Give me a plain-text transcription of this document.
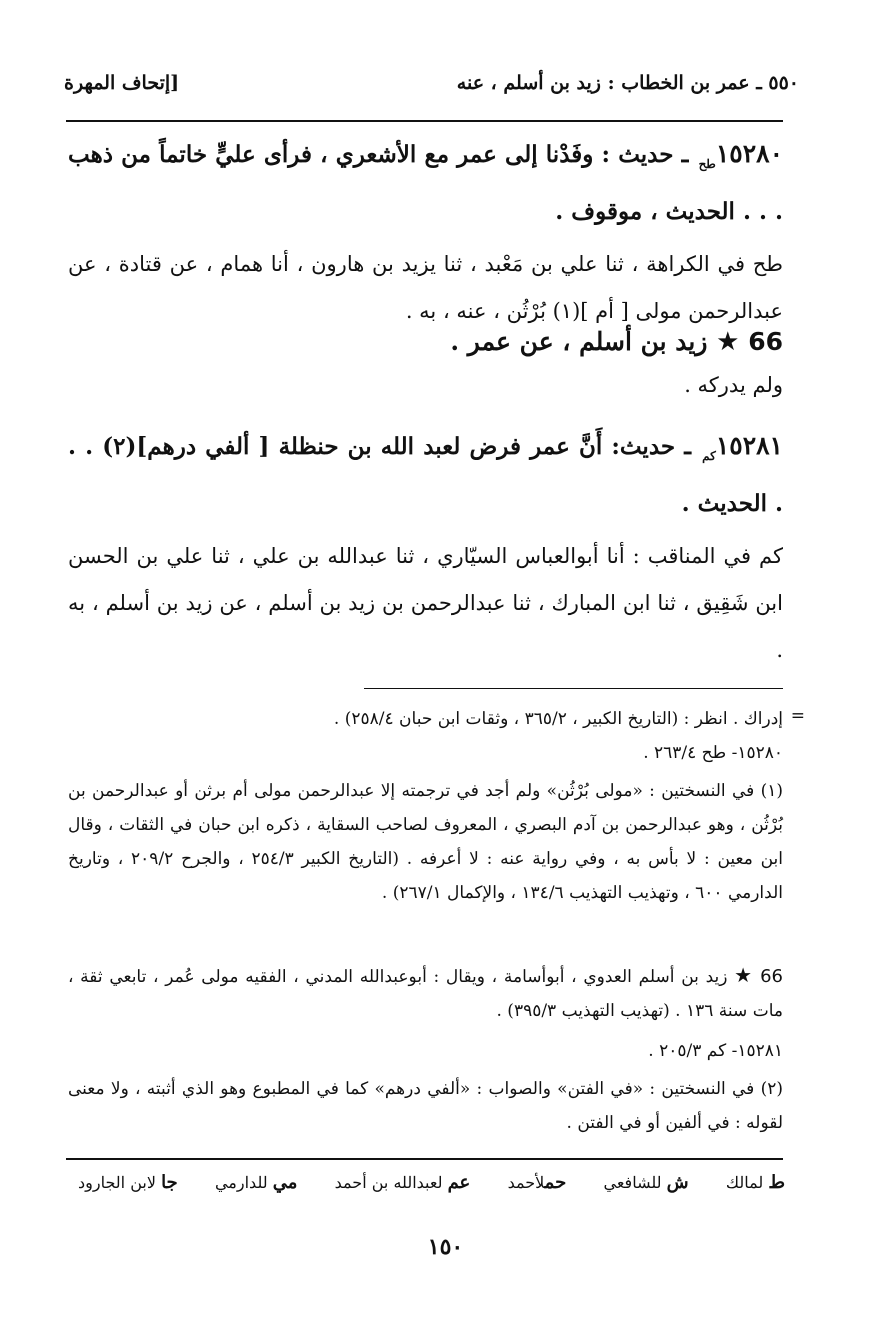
٥٥٠ ـ عمر بن الخطاب : زيد بن أسلم ، عنه
[إتحاف المهرة

$١٥٢٨٠_{طح}$ ـ حديث : وفَدْنا إلى عمر مع الأشعري ، فرأى عليٍّ خاتماً من ذهب . . . الحديث ، موقوف .

طح في الكراهة ، ثنا علي بن مَعْبد ، ثنا يزيد بن هارون ، أنا همام ، عن قتادة ، عن عبدالرحمن مولى [ أم ](١) بُرْثُن ، عنه ، به .

66 ★ زيد بن أسلم ، عن عمر .

ولم يدركه .

$١٥٢٨١_{كم}$ ـ حديث: أَنَّ عمر فرض لعبد الله بن حنظلة [ ألفي درهم](٢) . . . الحديث .

كم في المناقب : أنا أبوالعباس السيّاري ، ثنا عبدالله بن علي ، ثنا علي بن الحسن ابن شَقِيق ، ثنا ابن المبارك ، ثنا عبدالرحمن بن زيد بن أسلم ، عن زيد بن أسلم ، به .

=

إدراك . انظر : (التاريخ الكبير ، ٣٦٥/٢ ، وثقات ابن حبان ٢٥٨/٤) .

١٥٢٨٠- طح ٢٦٣/٤ .

(١) في النسختين : «مولى بُرْثُن» ولم أجد في ترجمته إلا عبدالرحمن مولى أم برثن أو عبدالرحمن بن بُرْثُن ، وهو عبدالرحمن بن آدم البصري ، المعروف لصاحب السقاية ، ذكره ابن حبان في الثقات ، وقال ابن معين : لا بأس به ، وفي رواية عنه : لا أعرفه . (التاريخ الكبير ٢٥٤/٣ ، والجرح ٢٠٩/٢ ، وتاريخ الدارمي ٦٠٠ ، وتهذيب التهذيب ١٣٤/٦ ، والإكمال ٢٦٧/١) .

66 ★ زيد بن أسلم العدوي ، أبوأسامة ، ويقال : أبوعبدالله المدني ، الفقيه مولى عُمر ، تابعي ثقة ، مات سنة ١٣٦ . (تهذيب التهذيب ٣٩٥/٣) .

١٥٢٨١- كم ٢٠٥/٣ .

(٢) في النسختين : «في الفتن» والصواب : «ألفي درهم» كما في المطبوع وهو الذي أثبته ، ولا معنى لقوله : في ألفين أو في الفتن .

ط لمالك
ش للشافعي
حملأحمد
عم لعبدالله بن أحمد
مي للدارمي
جا لابن الجارود
١٥٠
